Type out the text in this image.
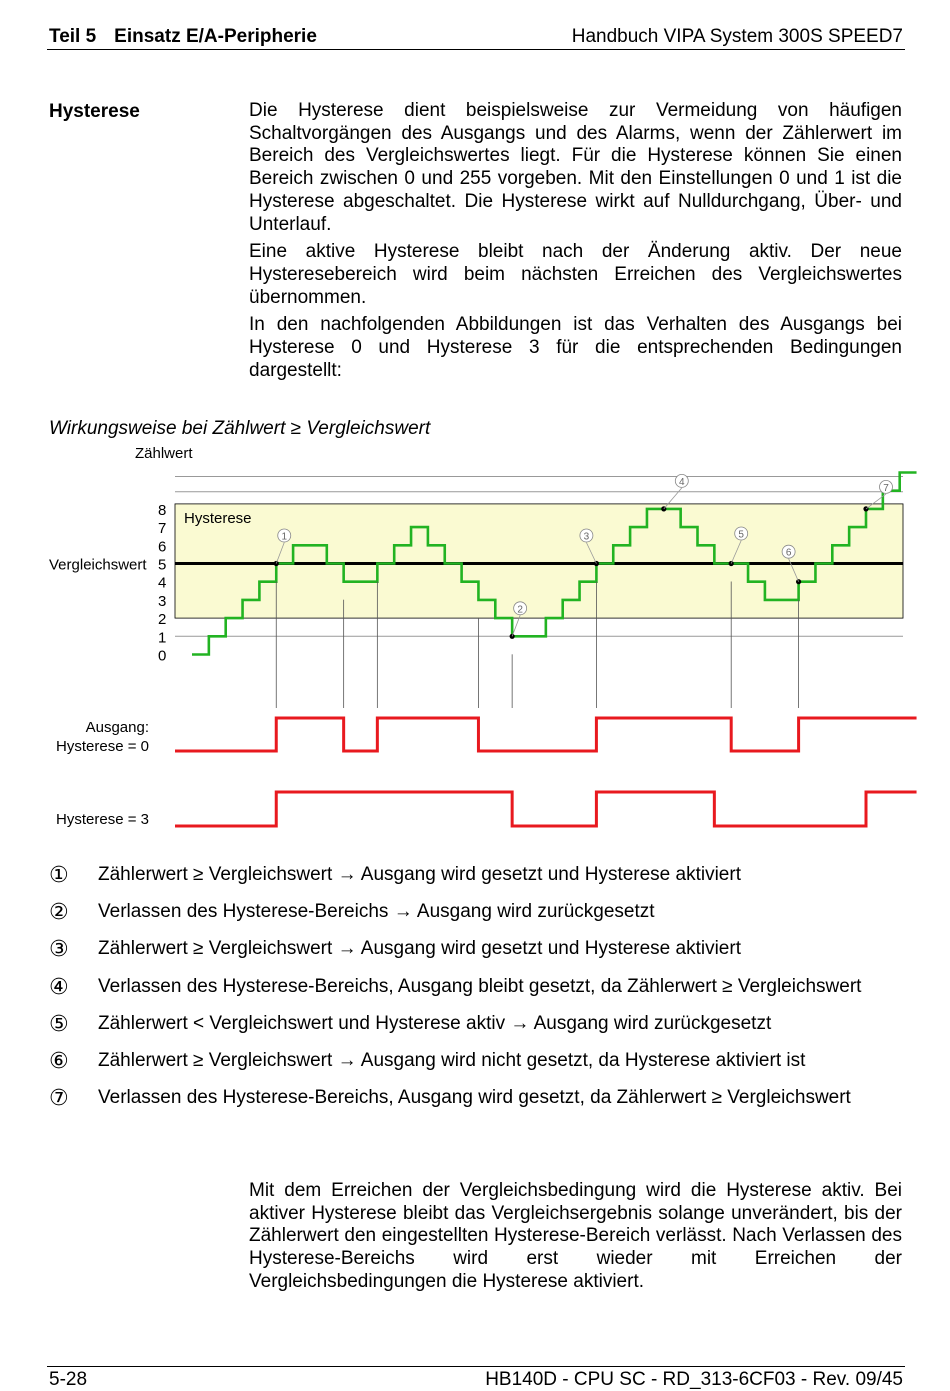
Teil 5 Einsatz E/A-Peripherie	Handbuch VIPA System 300S SPEED7
Hysterese	Die Hysterese dient beispielsweise zur Vermeidung von häufigen Schaltvorgängen des Ausgangs und des Alarms, wenn der Zählerwert im Bereich des Vergleichswertes liegt. Für die Hysterese können Sie einen Bereich zwischen 0 und 255 vorgeben. Mit den Einstellungen 0 und 1 ist die Hysterese abgeschaltet. Die Hysterese wirkt auf Nulldurchgang, Über- und Unterlauf.

Eine aktive Hysterese bleibt nach der Änderung aktiv. Der neue Hysteresebereich wird beim nächsten Erreichen des Vergleichswertes übernommen.

In den nachfolgenden Abbildungen ist das Verhalten des Ausgangs bei Hysterese 0 und Hysterese 3 für die entsprechenden Bedingungen dargestellt:

Wirkungsweise bei Zählwert ≥ Vergleichswert
Zählwert
0
1
2
3
4
5
6
7
8
Vergleichswert
Hysterese
1
2
3
4
5
6
7
Ausgang:
Hysterese = 0
Hysterese = 3
①	Zählerwert ≥ Vergleichswert → Ausgang wird gesetzt und Hysterese aktiviert
②	Verlassen des Hysterese-Bereichs → Ausgang wird zurückgesetzt
③	Zählerwert ≥ Vergleichswert → Ausgang wird gesetzt und Hysterese aktiviert
④	Verlassen des Hysterese-Bereichs, Ausgang bleibt gesetzt, da Zählerwert ≥ Vergleichswert
⑤	Zählerwert < Vergleichswert und Hysterese aktiv → Ausgang wird zurückgesetzt
⑥	Zählerwert ≥ Vergleichswert → Ausgang wird nicht gesetzt, da Hysterese aktiviert ist
⑦	Verlassen des Hysterese-Bereichs, Ausgang wird gesetzt, da Zählerwert ≥ Vergleichswert

Mit dem Erreichen der Vergleichsbedingung wird die Hysterese aktiv. Bei aktiver Hysterese bleibt das Vergleichsergebnis solange unverändert, bis der Zählerwert den eingestellten Hysterese-Bereich verlässt. Nach Verlassen des Hysterese-Bereichs wird erst wieder mit Erreichen der Vergleichsbedingungen die Hysterese aktiviert.

5-28	HB140D - CPU SC - RD_313-6CF03 - Rev. 09/45
